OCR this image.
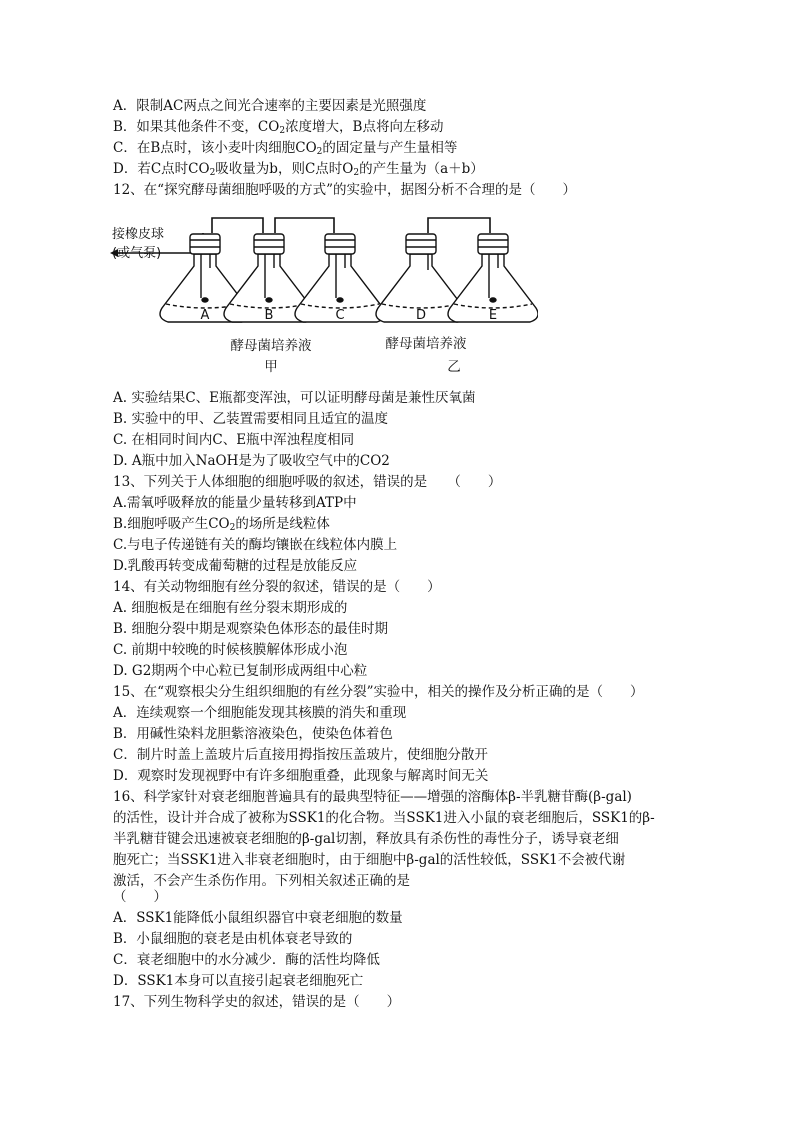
A．限制AC两点之间光合速率的主要因素是光照强度
B．如果其他条件不变，$CO_2$浓度增大，B点将向左移动
C．在B点时，该小麦叶肉细胞$CO_2$的固定量与产生量相等
D．若C点时$CO_2$吸收量为b，则C点时$O_2$的产生量为（a＋b）
12、在“探究酵母菌细胞呼吸的方式”的实验中，据图分析不合理的是（　　）
接橡皮球
(或气泵)
A	B	C	D	E
酵母菌培养液
甲
酵母菌培养液
乙
A. 实验结果C、E瓶都变浑浊，可以证明酵母菌是兼性厌氧菌
B. 实验中的甲、乙装置需要相同且适宜的温度
C. 在相同时间内C、E瓶中浑浊程度相同
D. A瓶中加入NaOH是为了吸收空气中的CO2
13、下列关于人体细胞的细胞呼吸的叙述，错误的是　　（　　）
A.需氧呼吸释放的能量少量转移到ATP中
B.细胞呼吸产生$CO_2$的场所是线粒体
C.与电子传递链有关的酶均镶嵌在线粒体内膜上
D.乳酸再转变成葡萄糖的过程是放能反应
14、有关动物细胞有丝分裂的叙述，错误的是（　　）
A. 细胞板是在细胞有丝分裂末期形成的
B. 细胞分裂中期是观察染色体形态的最佳时期
C. 前期中较晚的时候核膜解体形成小泡
D. G2期两个中心粒已复制形成两组中心粒
15、在“观察根尖分生组织细胞的有丝分裂”实验中，相关的操作及分析正确的是（　　）
A．连续观察一个细胞能发现其核膜的消失和重现
B．用碱性染料龙胆紫溶液染色，使染色体着色
C．制片时盖上盖玻片后直接用拇指按压盖玻片，使细胞分散开
D．观察时发现视野中有许多细胞重叠，此现象与解离时间无关
16、科学家针对衰老细胞普遍具有的最典型特征——增强的溶酶体β-半乳糖苷酶(β-gal)
的活性，设计并合成了被称为SSK1的化合物。当SSK1进入小鼠的衰老细胞后，SSK1的β-
半乳糖苷键会迅速被衰老细胞的β-gal切割，释放具有杀伤性的毒性分子，诱导衰老细
胞死亡；当SSK1进入非衰老细胞时，由于细胞中β-gal的活性较低，SSK1不会被代谢
激活，不会产生杀伤作用。下列相关叙述正确的是
（　　）
A．SSK1能降低小鼠组织器官中衰老细胞的数量
B．小鼠细胞的衰老是由机体衰老导致的
C．衰老细胞中的水分减少．酶的活性均降低
D．SSK1本身可以直接引起衰老细胞死亡
17、下列生物科学史的叙述，错误的是（　　）
